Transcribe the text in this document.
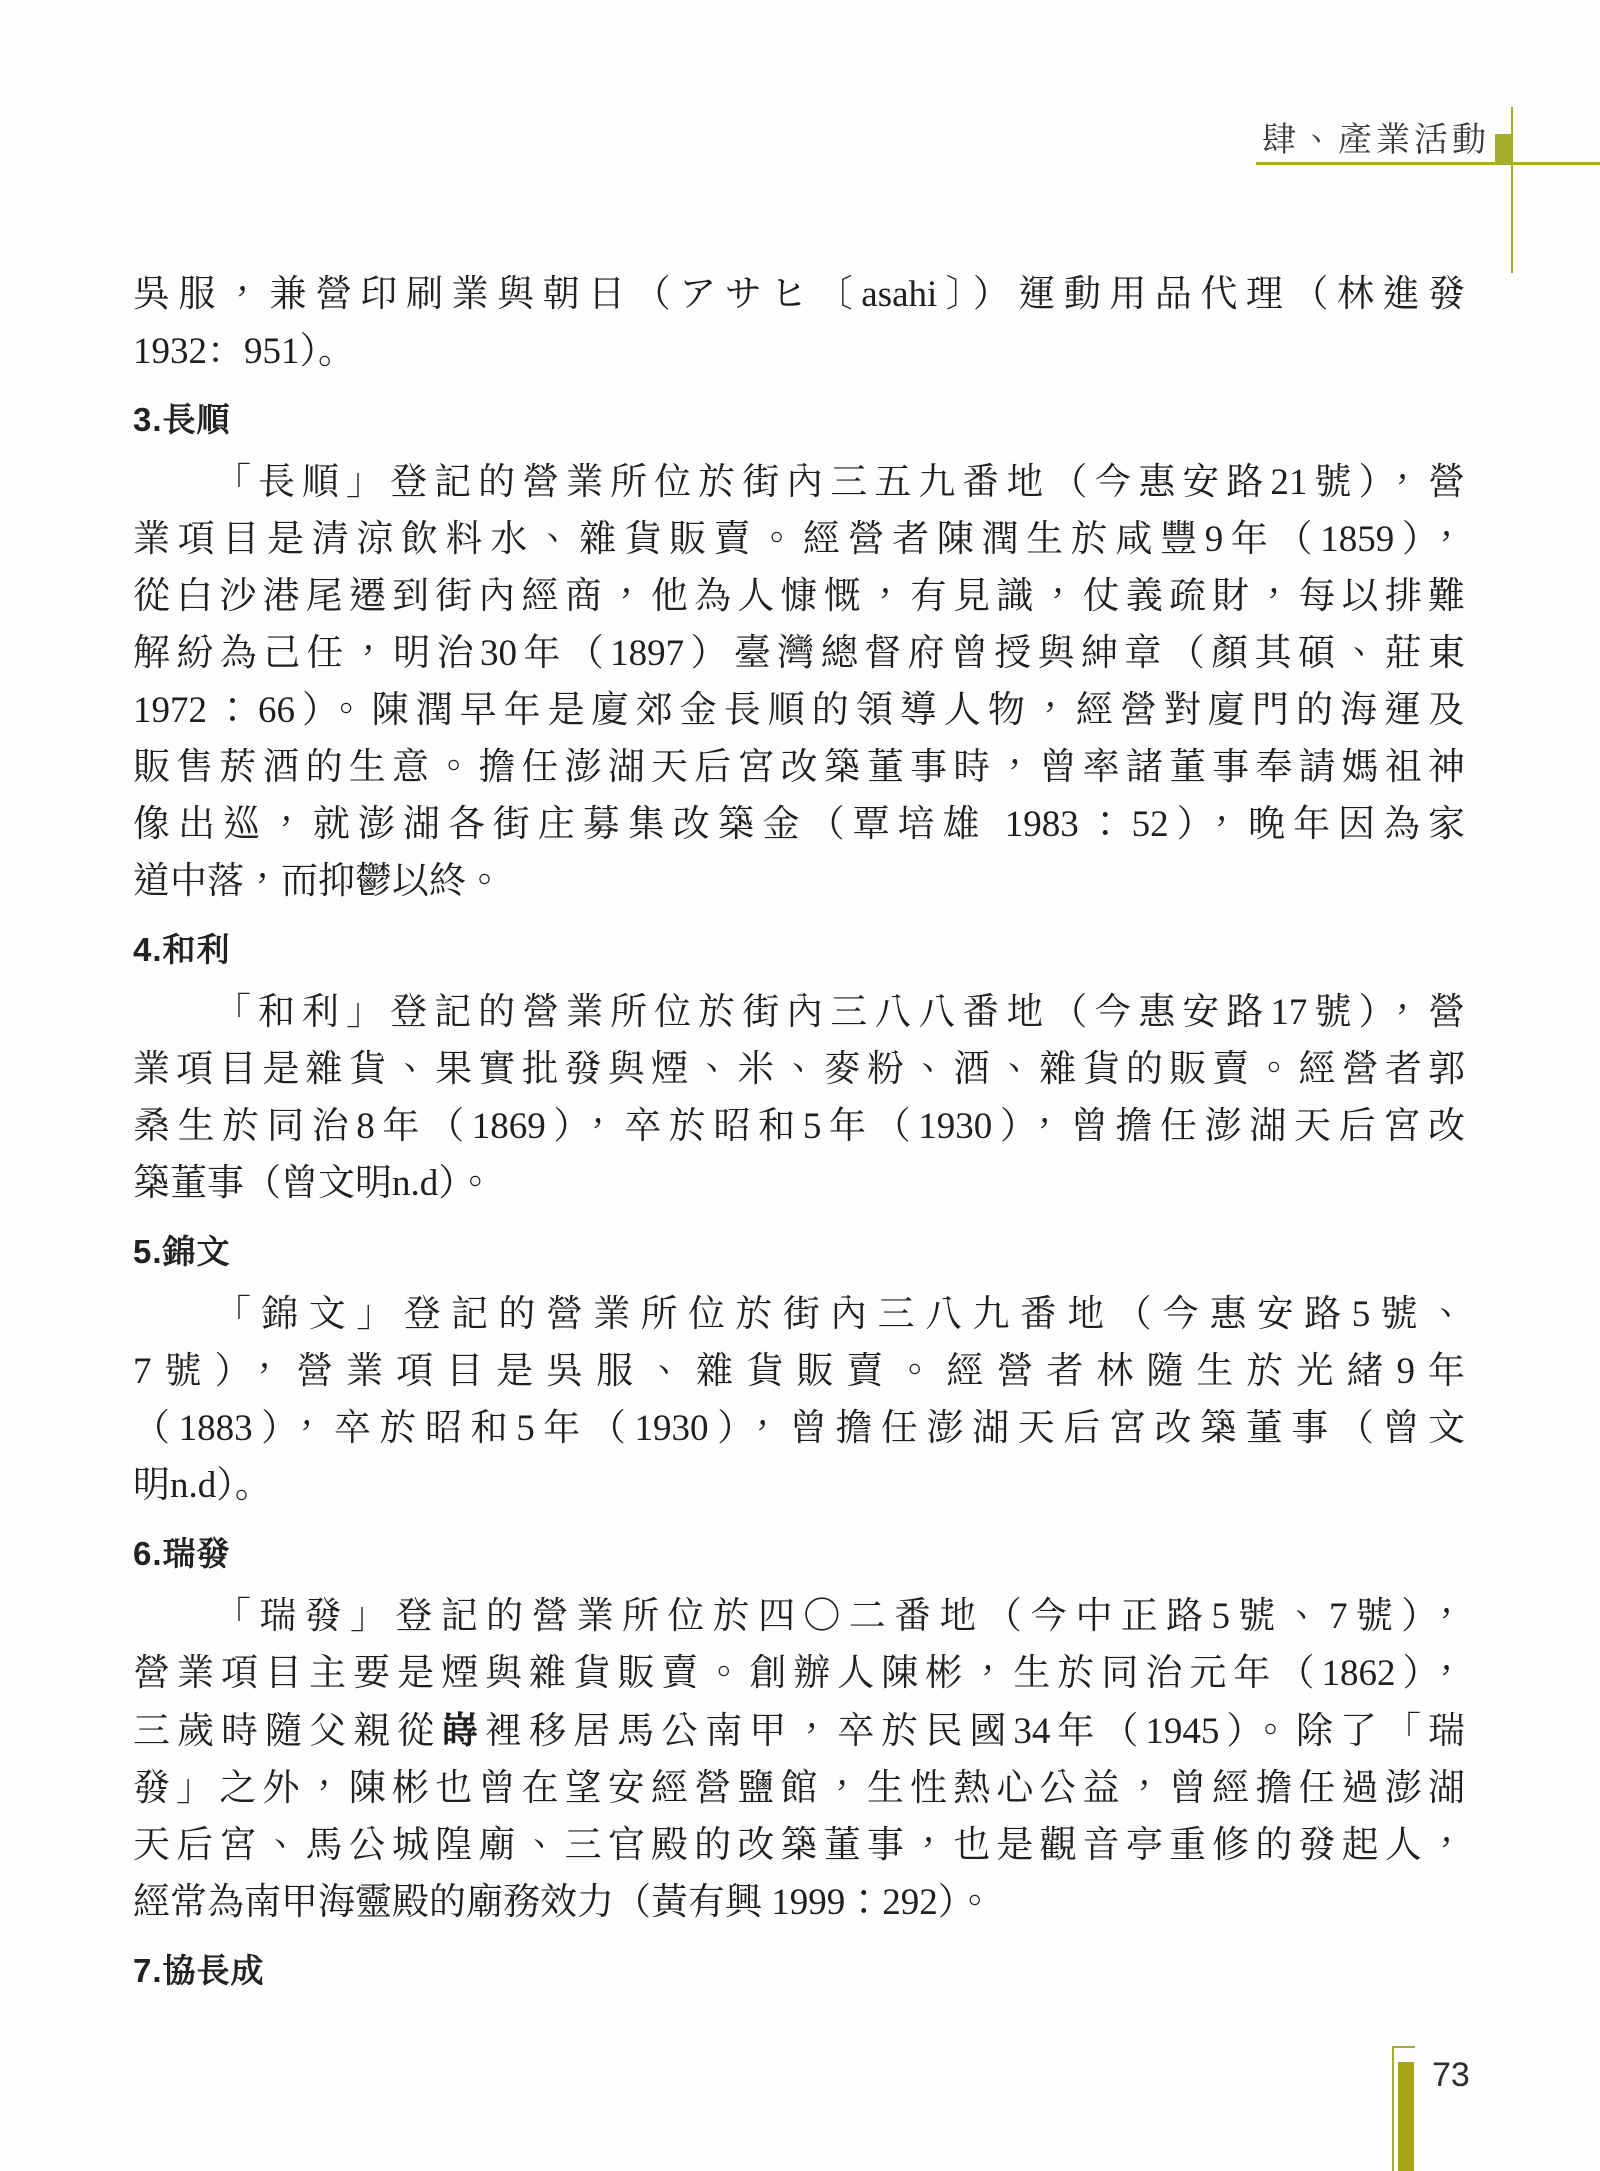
肆、產業活動

吳服，兼營印刷業與朝日（アサヒ〔asahi〕）運動用品代理（林進發
1932：951）。

3.長順

「長順」登記的營業所位於街內三五九番地（今惠安路21號），營
業項目是清涼飲料水、雜貨販賣。經營者陳潤生於咸豐9年（1859），
從白沙港尾遷到街內經商，他為人慷慨，有見識，仗義疏財，每以排難
解紛為己任，明治30年（1897）臺灣總督府曾授與紳章（顏其碩、莊東
1972：66）。陳潤早年是廈郊金長順的領導人物，經營對廈門的海運及
販售菸酒的生意。擔任澎湖天后宮改築董事時，曾率諸董事奉請媽祖神
像出巡，就澎湖各街庄募集改築金（覃培雄 1983：52），晚年因為家
道中落，而抑鬱以終。

4.和利

「和利」登記的營業所位於街內三八八番地（今惠安路17號），營
業項目是雜貨、果實批發與煙、米、麥粉、酒、雜貨的販賣。經營者郭
桑生於同治8年（1869），卒於昭和5年（1930），曾擔任澎湖天后宮改
築董事（曾文明n.d）。

5.錦文

「錦文」登記的營業所位於街內三八九番地（今惠安路5號、
7號），營業項目是吳服、雜貨販賣。經營者林隨生於光緒9年
（1883），卒於昭和5年（1930），曾擔任澎湖天后宮改築董事（曾文
明n.d）。

6.瑞發

「瑞發」登記的營業所位於四〇二番地（今中正路5號、7號），
營業項目主要是煙與雜貨販賣。創辦人陳彬，生於同治元年（1862），
三歲時隨父親從嵵裡移居馬公南甲，卒於民國34年（1945）。除了「瑞
發」之外，陳彬也曾在望安經營鹽館，生性熱心公益，曾經擔任過澎湖
天后宮、馬公城隍廟、三官殿的改築董事，也是觀音亭重修的發起人，
經常為南甲海靈殿的廟務效力（黃有興 1999：292）。

7.協長成
73
